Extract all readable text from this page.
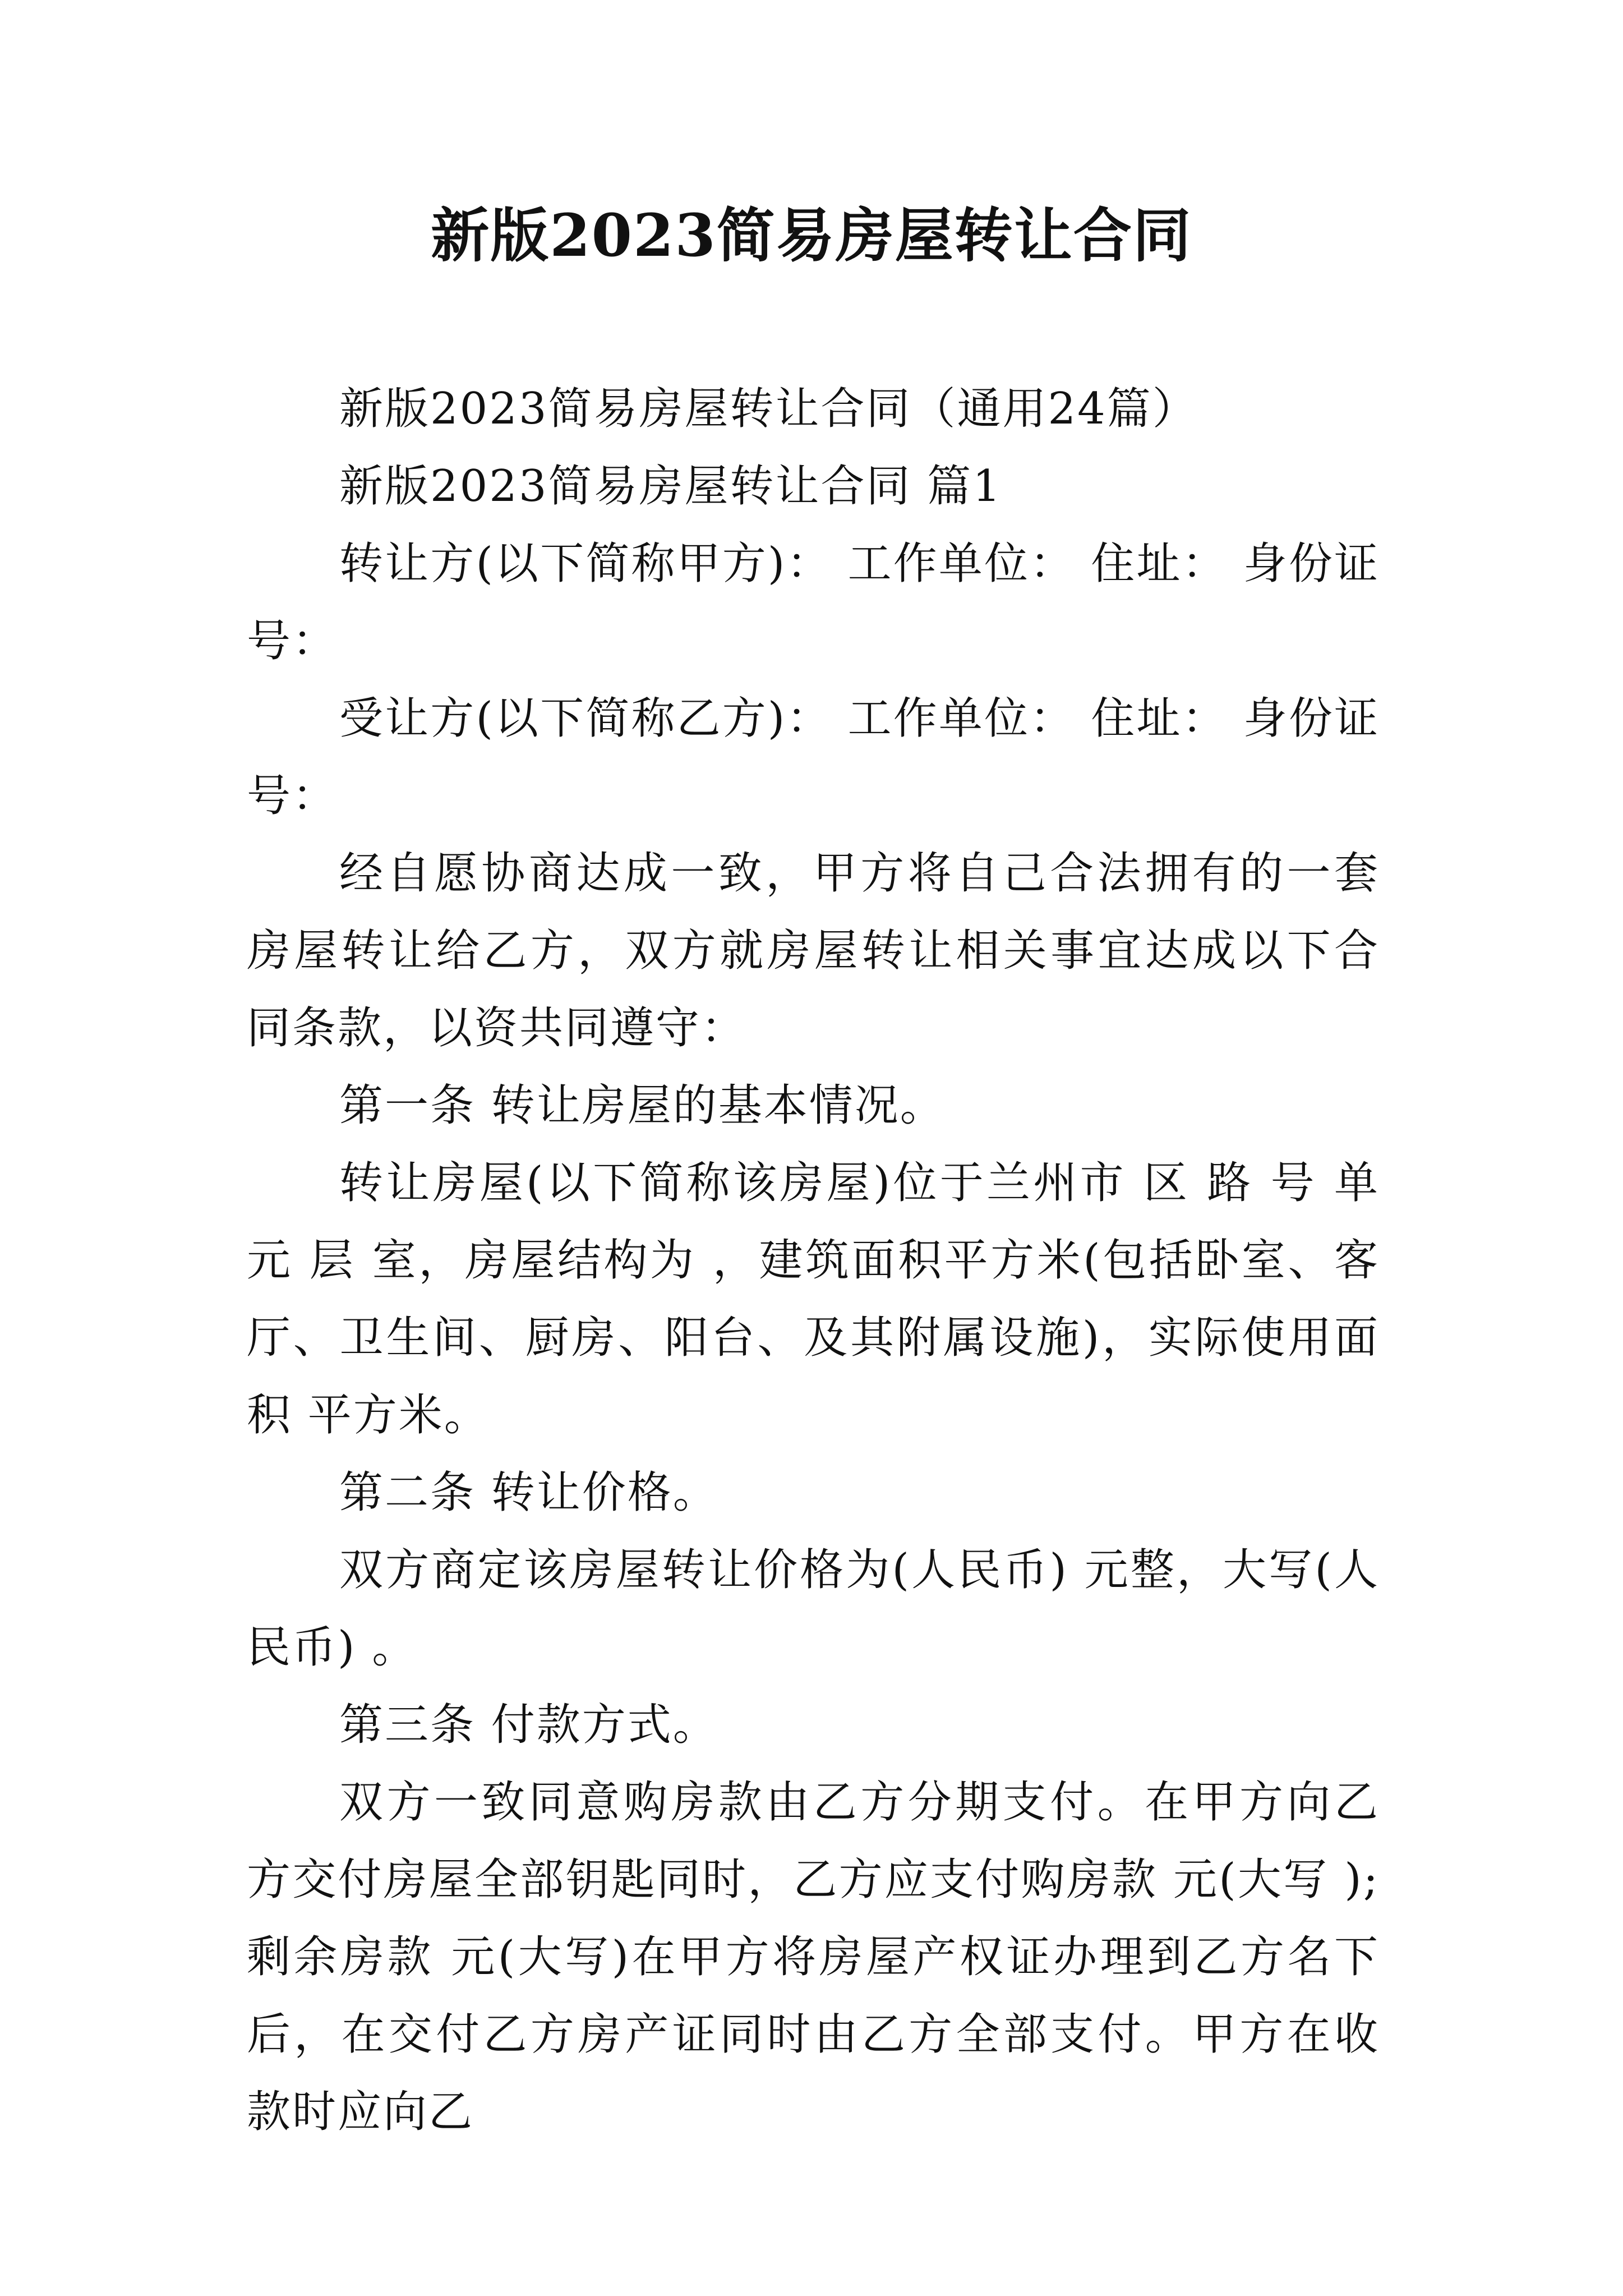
新版2023简易房屋转让合同

新版2023简易房屋转让合同（通用24篇）

新版2023简易房屋转让合同 篇1

转让方(以下简称甲方)： 工作单位： 住址： 身份证号：

受让方(以下简称乙方)： 工作单位： 住址： 身份证号：

经自愿协商达成一致，甲方将自己合法拥有的一套房屋转让给乙方，双方就房屋转让相关事宜达成以下合同条款，以资共同遵守：

第一条 转让房屋的基本情况。

转让房屋(以下简称该房屋)位于兰州市 区 路 号 单元 层 室，房屋结构为 ，建筑面积平方米(包括卧室、客厅、卫生间、厨房、阳台、及其附属设施)，实际使用面积 平方米。

第二条 转让价格。

双方商定该房屋转让价格为(人民币) 元整，大写(人民币) 。

第三条 付款方式。

双方一致同意购房款由乙方分期支付。在甲方向乙方交付房屋全部钥匙同时，乙方应支付购房款 元(大写 );剩余房款 元(大写)在甲方将房屋产权证办理到乙方名下后，在交付乙方房产证同时由乙方全部支付。甲方在收款时应向乙
